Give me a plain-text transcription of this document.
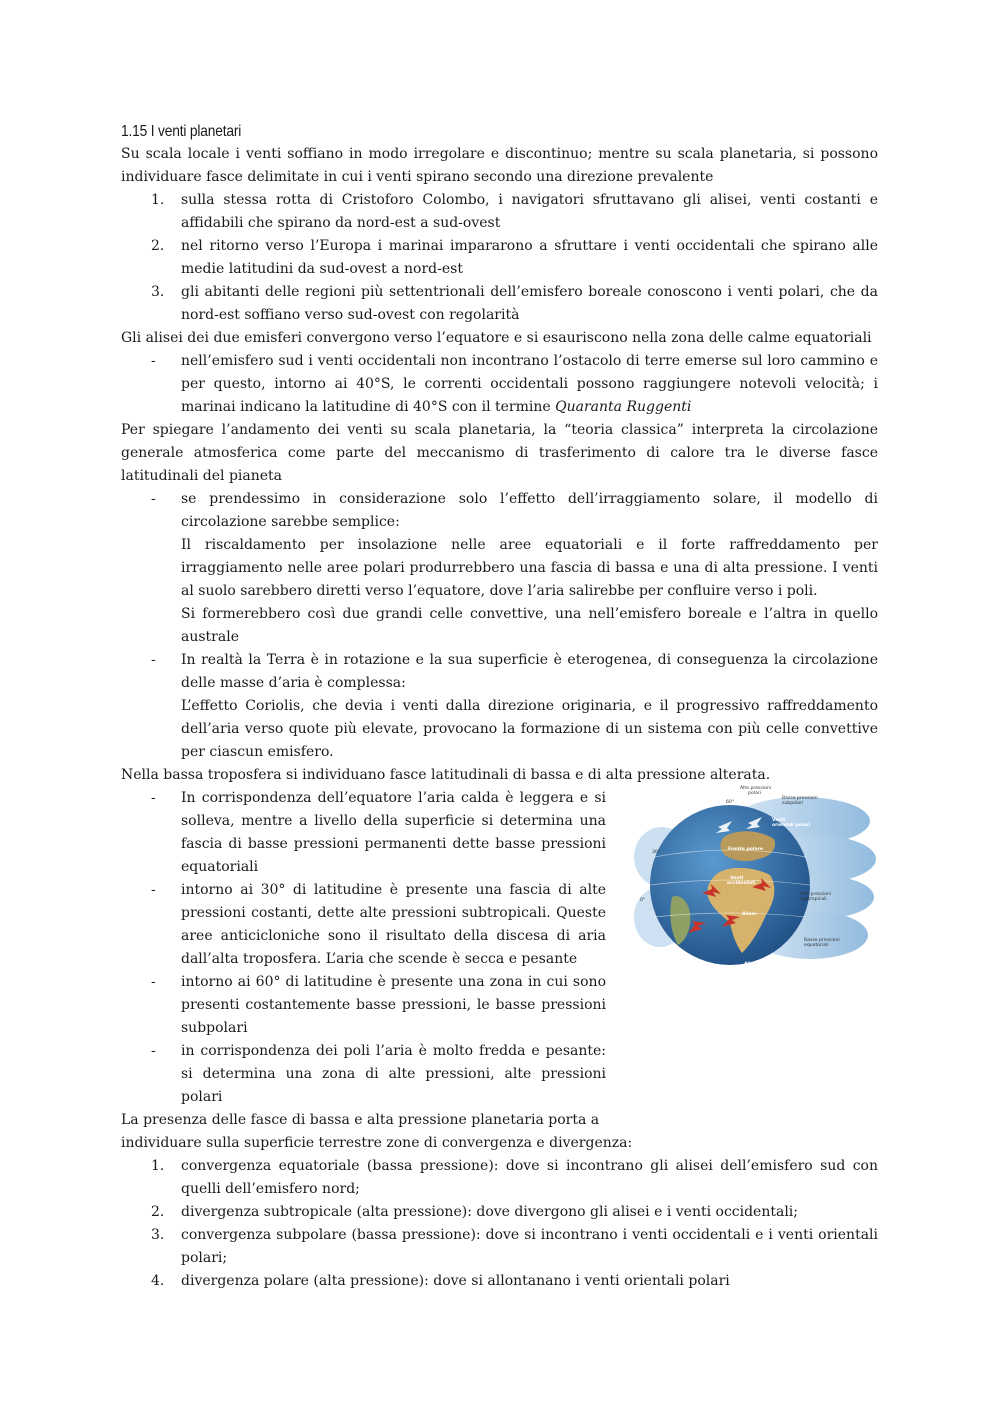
1.15 I venti planetari

Su scala locale i venti soffiano in modo irregolare e discontinuo; mentre su scala planetaria, si possono individuare fasce delimitate in cui i venti spirano secondo una direzione prevalente

1.	sulla stessa rotta di Cristoforo Colombo, i navigatori sfruttavano gli alisei, venti costanti e affidabili che spirano da nord-est a sud-ovest
2.	nel ritorno verso l’Europa i marinai impararono a sfruttare i venti occidentali che spirano alle medie latitudini da sud-ovest a nord-est
3.	gli abitanti delle regioni più settentrionali dell’emisfero boreale conoscono i venti polari, che da nord-est soffiano verso sud-ovest con regolarità

Gli alisei dei due emisferi convergono verso l’equatore e si esauriscono nella zona delle calme equatoriali

-	nell’emisfero sud i venti occidentali non incontrano l’ostacolo di terre emerse sul loro cammino e per questo, intorno ai 40°S, le correnti occidentali possono raggiungere notevoli velocità; i marinai indicano la latitudine di 40°S con il termine Quaranta Ruggenti

Per spiegare l’andamento dei venti su scala planetaria, la “teoria classica” interpreta la circolazione generale atmosferica come parte del meccanismo di trasferimento di calore tra le diverse fasce latitudinali del pianeta

-	se prendessimo in considerazione solo l’effetto dell’irraggiamento solare, il modello di circolazione sarebbe semplice:
Il riscaldamento per insolazione nelle aree equatoriali e il forte raffreddamento per irraggiamento nelle aree polari produrrebbero una fascia di bassa e una di alta pressione. I venti al suolo sarebbero diretti verso l’equatore, dove l’aria salirebbe per confluire verso i poli.
Si formerebbero così due grandi celle convettive, una nell’emisfero boreale e l’altra in quello australe
-	In realtà la Terra è in rotazione e la sua superficie è eterogenea, di conseguenza la circolazione delle masse d’aria è complessa:
L’effetto Coriolis, che devia i venti dalla direzione originaria, e il progressivo raffreddamento dell’aria verso quote più elevate, provocano la formazione di un sistema con più celle convettive per ciascun emisfero.

Nella bassa troposfera si individuano fasce latitudinali di bassa e di alta pressione alterata.

-	In corrispondenza dell’equatore l’aria calda è leggera e si solleva, mentre a livello della superficie si determina una fascia di basse pressioni permanenti dette basse pressioni equatoriali
-	intorno ai 30° di latitudine è presente una fascia di alte pressioni costanti, dette alte pressioni subtropicali. Queste aree anticicloniche sono il risultato della discesa di aria dall’alta troposfera. L’aria che scende è secca e pesante
-	intorno ai 60° di latitudine è presente una zona in cui sono presenti costantemente basse pressioni, le basse pressioni subpolari
-	in corrispondenza dei poli l’aria è molto fredda e pesante: si determina una zona di alte pressioni, alte pressioni polari

La presenza delle fasce di bassa e alta pressione planetaria porta a

individuare sulla superficie terrestre zone di convergenza e divergenza:

1.	convergenza equatoriale (bassa pressione): dove si incontrano gli alisei dell’emisfero sud con quelli dell’emisfero nord;
2.	divergenza subtropicale (alta pressione): dove divergono gli alisei e i venti occidentali;
3.	convergenza subpolare (bassa pressione): dove si incontrano i venti occidentali e i venti orientali polari;
4.	divergenza polare (alta pressione): dove si allontanano i venti orientali polari
Alte pressioni
polari
Basse pressioni
subpolari
Venti
orientali polari
Fronte polare
Venti
occidentali
Alte pressioni
subtropicali
Alisei
Basse pressioni
equatoriali
Alisei
60°
30°
0°
